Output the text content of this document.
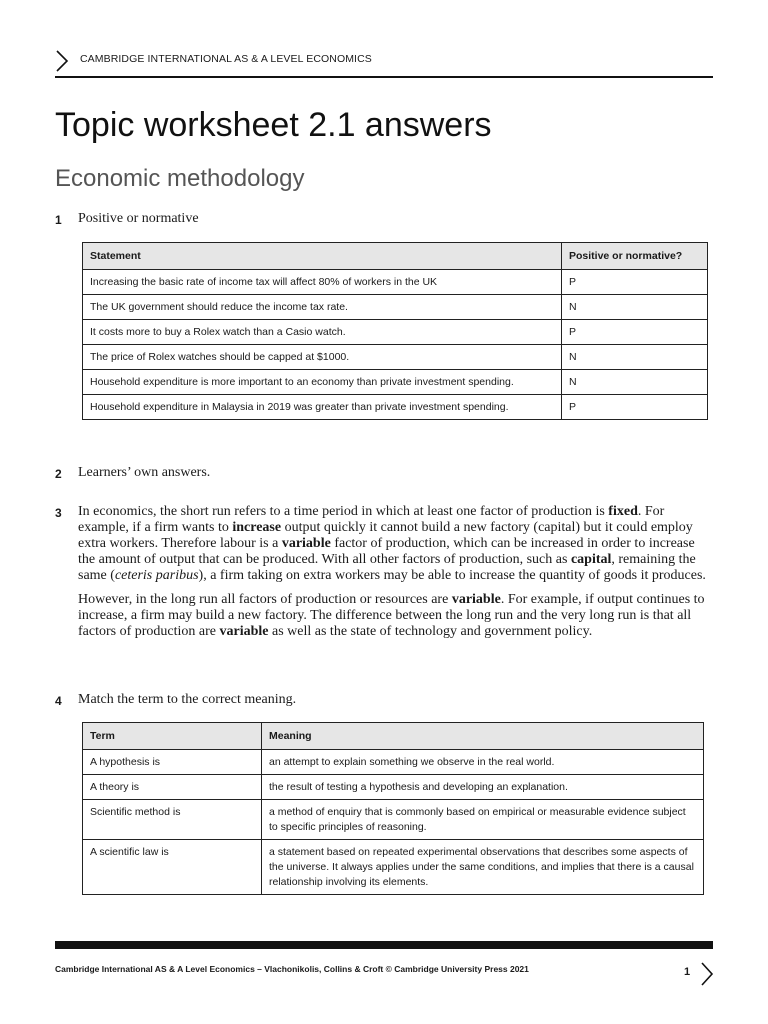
CAMBRIDGE INTERNATIONAL AS & A LEVEL ECONOMICS
Topic worksheet 2.1 answers
Economic methodology
1 Positive or normative
Statement	Positive or normative?
Increasing the basic rate of income tax will affect 80% of workers in the UK	P
The UK government should reduce the income tax rate.	N
It costs more to buy a Rolex watch than a Casio watch.	P
The price of Rolex watches should be capped at $1000.	N
Household expenditure is more important to an economy than private investment spending.	N
Household expenditure in Malaysia in 2019 was greater than private investment spending.	P
2 Learners’ own answers.
3 In economics, the short run refers to a time period in which at least one factor of production is fixed. For example, if a firm wants to increase output quickly it cannot build a new factory (capital) but it could employ extra workers. Therefore labour is a variable factor of production, which can be increased in order to increase the amount of output that can be produced. With all other factors of production, such as capital, remaining the same (ceteris paribus), a firm taking on extra workers may be able to increase the quantity of goods it produces.

However, in the long run all factors of production or resources are variable. For example, if output continues to increase, a firm may build a new factory. The difference between the long run and the very long run is that all factors of production are variable as well as the state of technology and government policy.

4 Match the term to the correct meaning.
Term	Meaning
A hypothesis is	an attempt to explain something we observe in the real world.
A theory is	the result of testing a hypothesis and developing an explanation.
Scientific method is	a method of enquiry that is commonly based on empirical or measurable evidence subject to specific principles of reasoning.
A scientific law is	a statement based on repeated experimental observations that describes some aspects of the universe. It always applies under the same conditions, and implies that there is a causal relationship involving its elements.
Cambridge International AS & A Level Economics – Vlachonikolis, Collins & Croft © Cambridge University Press 2021	1
